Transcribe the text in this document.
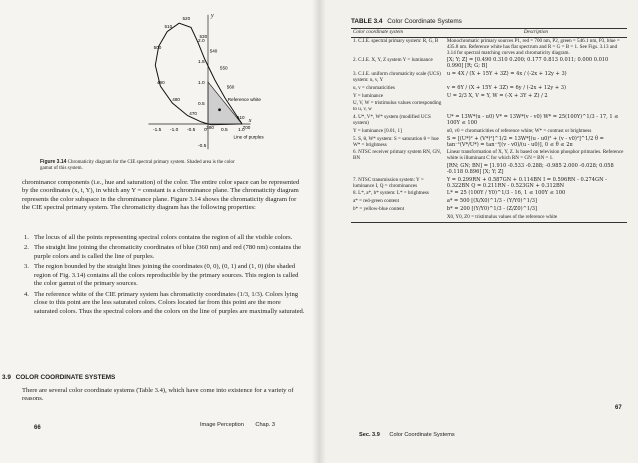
-1.5 -1.0 -0.5 0	0.5 1.0
2.0
1.5
1.0
0.5
-0.5
520
510
530
540
500
550
490
560
480
470
610
380	700
y
x
Reference white
Line of purples
Figure 3.14 Chromaticity diagram for the CIE spectral primary system. Shaded area is the color gamut of this system.
chrominance components (i.e., hue and saturation) of the color. The entire color space can be represented by the coordinates (x, t, Y), in which any Y = constant is a chrominance plane. The chromaticity diagram represents the color subspace in the chrominance plane. Figure 3.14 shows the chromaticity diagram for the CIE spectral primary system. The chromaticity diagram has the following properties:
1. The locus of all the points representing spectral colors contains the region of all the visible colors.
2. The straight line joining the chromaticity coordinates of blue (360 nm) and red (780 nm) contains the purple colors and is called the line of purples.
3. The region bounded by the straight lines joining the coordinates (0, 0), (0, 1) and (1, 0) (the shaded region of Fig. 3.14) contains all the colors reproducible by the primary sources. This region is called the color gamut of the primary sources.
4. The reference white of the CIE primary system has chromaticity coordinates (1/3, 1/3). Colors lying close to this point are the less saturated colors. Colors located far from this point are the more saturated colors. Thus the spectral colors and the colors on the line of purples are maximally saturated.
3.9 COLOR COORDINATE SYSTEMS
There are several color coordinate systems (Table 3.4), which have come into existence for a variety of reasons.
66	Image Perception Chap. 3
TABLE 3.4 Color Coordinate Systems
Color coordinate system	Description
1. C.I.E. spectral primary system: R, G, B	Monochromatic primary sources P1, red = 700 nm, P2, green = 546.1 nm, P3, blue = 435.8 nm. Reference white has flat spectrum and R = G = B = 1. See Figs. 3.13 and 3.14 for spectral matching curves and chromaticity diagram.
2. C.I.E. X, Y, Z system Y = luminance	[X; Y; Z] = [0.490 0.310 0.200; 0.177 0.813 0.011; 0.000 0.010 0.990] [R; G; B]
3. C.I.E. uniform chromaticity scale (UCS) system: u, v, Y	u = 4X / (X + 15Y + 3Z) = 4x / (-2x + 12y + 3)
u, v = chromaticities	v = 6Y / (X + 15Y + 3Z) = 6y / (-2x + 12y + 3)
Y = luminance	U = 2/3 X, V = Y, W = (-X + 3Y + Z) / 2
U, V, W = tristimulus values corresponding to u, v, w	
4. U*, V*, W* system (modified UCS system)	U* = 13W*(u - u0) V* = 13W*(v - v0) W* = 25(100Y)^1/3 - 17, 1 ≤ 100Y ≤ 100
Y = luminance [0.01, 1]	u0, v0 = chromaticities of reference white; W* = contrast or brightness
5. S, θ, W* system: S = saturation θ = hue W* = brightness	S = [(U*)² + (V*)²]^1/2 = 13W*[(u - u0)² + (v - v0)²]^1/2 θ = tan⁻¹(V*/U*) = tan⁻¹[(v - v0)/(u - u0)], 0 ≤ θ ≤ 2π
6. NTSC receiver primary system RN, GN, BN	Linear transformation of X, Y, Z. Is based on television phosphor primaries. Reference white is illuminant C for which RN = GN = BN = 1.
	[RN; GN; BN] = [1.910 -0.533 -0.288; -0.985 2.000 -0.028; 0.058 -0.118 0.896] [X; Y; Z]
7. NTSC transmission system: Y = luminance I, Q = chrominances	Y = 0.299RN + 0.587GN + 0.114BN I = 0.596RN - 0.274GN - 0.322BN Q = 0.211RN - 0.523GN + 0.312BN
8. L*, a*, b* system: L* = brightness	L* = 25 (100Y / Y0)^1/3 - 16, 1 ≤ 100Y ≤ 100
a* = red-green content	a* = 500 [(X/X0)^1/3 - (Y/Y0)^1/3]
b* = yellow-blue content	b* = 200 [(Y/Y0)^1/3 - (Z/Z0)^1/3]
	X0, Y0, Z0 = tristimulus values of the reference white
Sec. 3.9 Color Coordinate Systems
67
